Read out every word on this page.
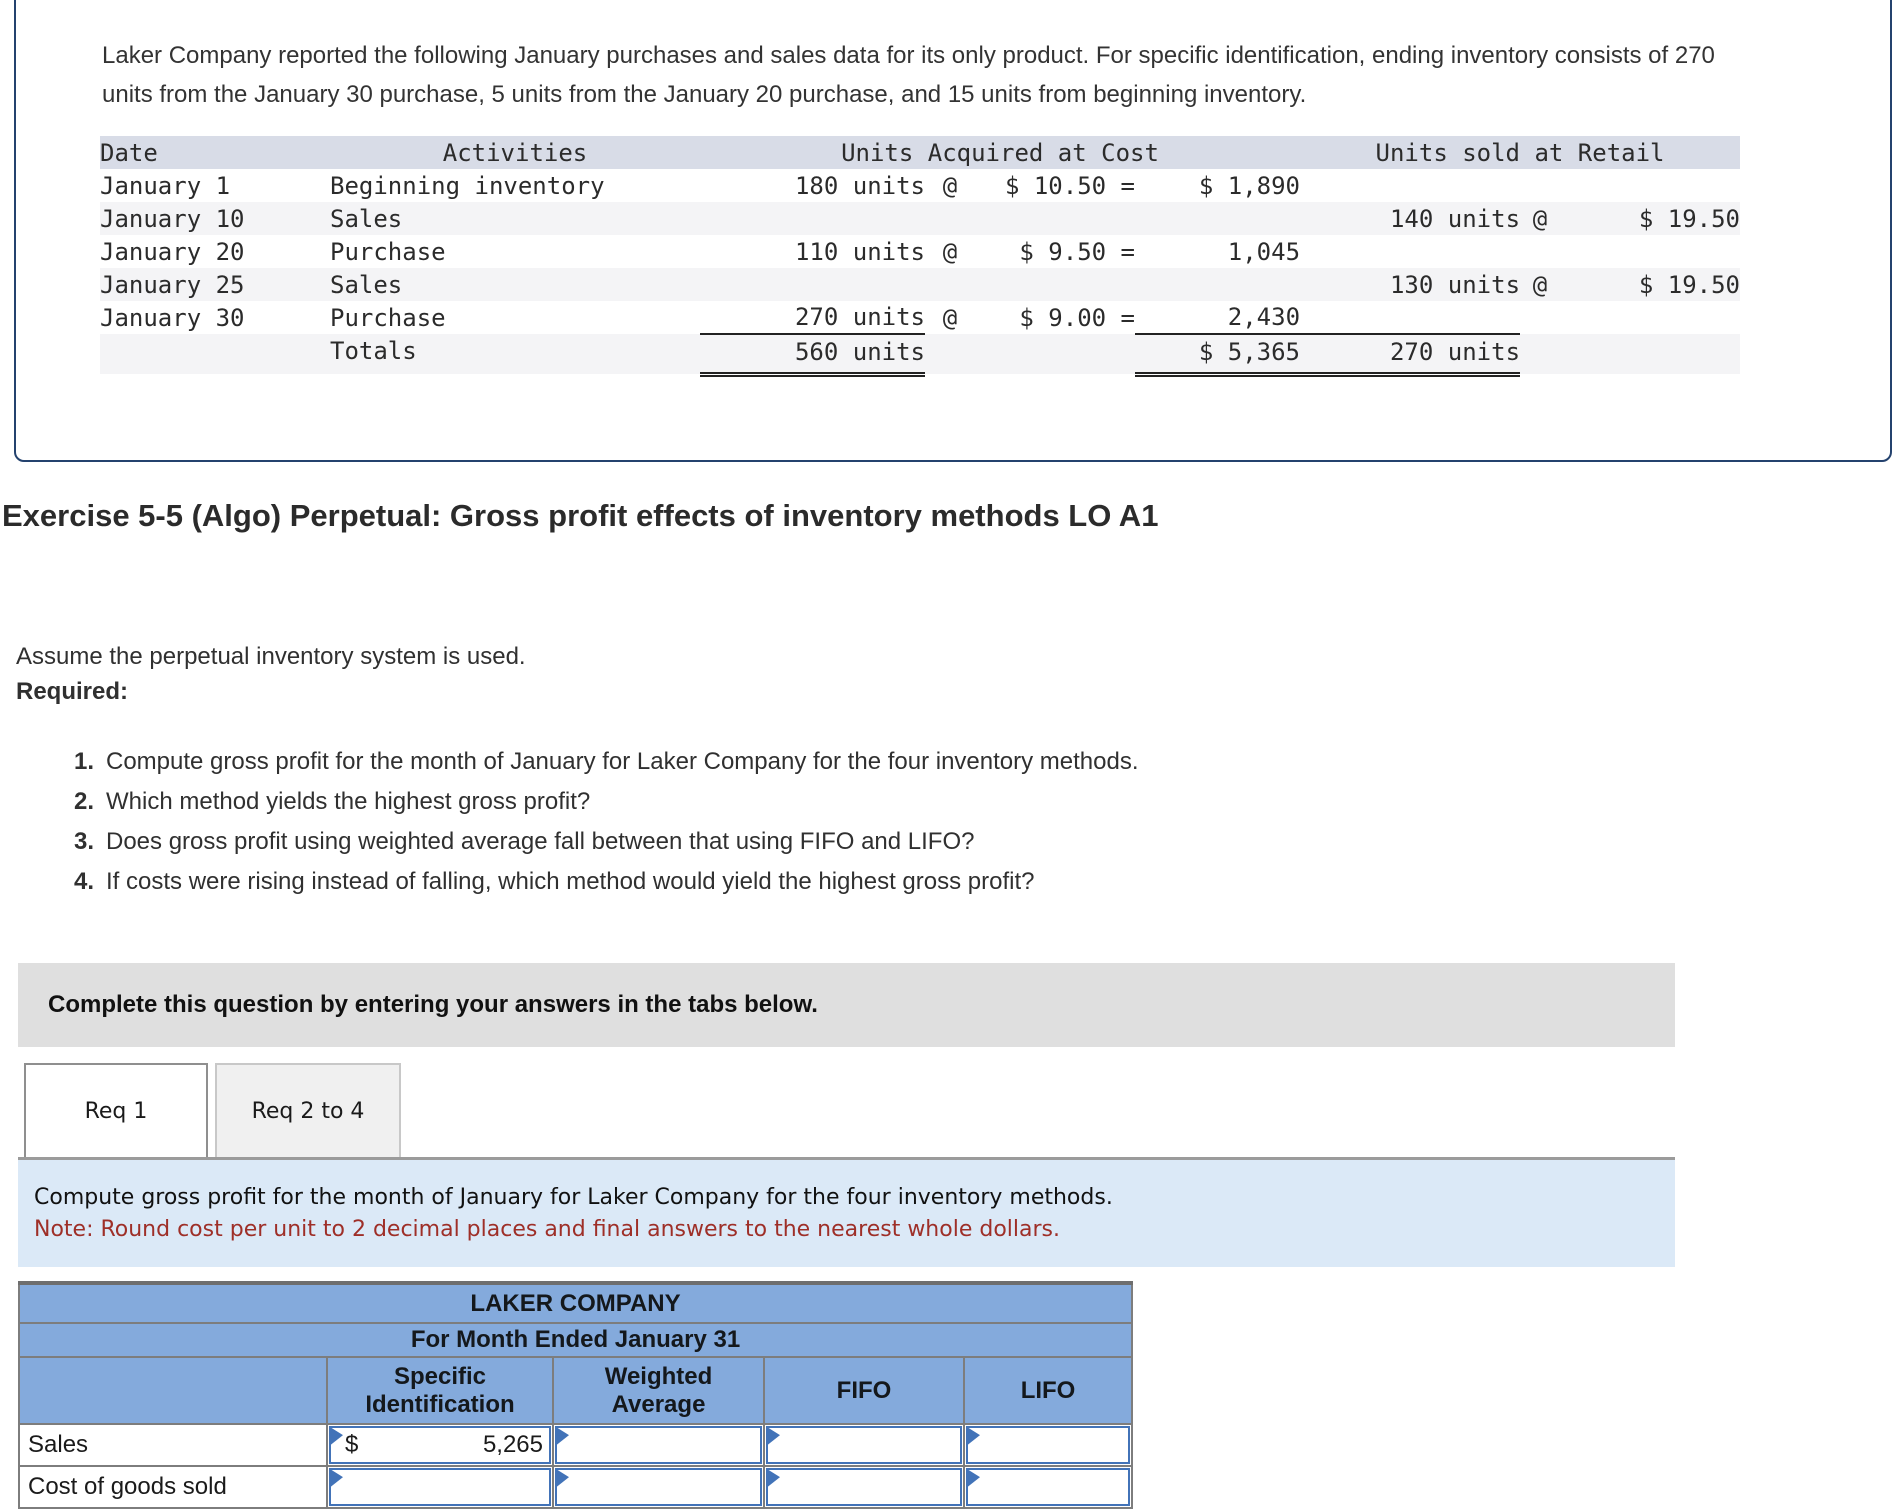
Laker Company reported the following January purchases and sales data for its only product. For specific identification, ending inventory consists of 270 units from the January 30 purchase, 5 units from the January 20 purchase, and 15 units from beginning inventory.

Date	Activities	Units Acquired at Cost				Units sold at Retail		
January 1	Beginning inventory	180 units	@	$ 10.50 =	$ 1,890			
January 10	Sales					140 units	@	$ 19.50
January 20	Purchase	110 units	@	$ 9.50 =	1,045			
January 25	Sales					130 units	@	$ 19.50
January 30	Purchase	270 units	@	$ 9.00 =	2,430			
	Totals	560 units			$ 5,365	270 units		
Exercise 5-5 (Algo) Perpetual: Gross profit effects of inventory methods LO A1

Assume the perpetual inventory system is used.

Required:

1. Compute gross profit for the month of January for Laker Company for the four inventory methods.
2. Which method yields the highest gross profit?
3. Does gross profit using weighted average fall between that using FIFO and LIFO?
4. If costs were rising instead of falling, which method would yield the highest gross profit?
Complete this question by entering your answers in the tabs below.
Req 1	Req 2 to 4
Compute gross profit for the month of January for Laker Company for the four inventory methods.
Note: Round cost per unit to 2 decimal places and final answers to the nearest whole dollars.
LAKER COMPANY				
For Month Ended January 31				
	Specific Identification	Weighted Average	FIFO	LIFO
Sales	$ 5,265			

Cost of goods sold	
